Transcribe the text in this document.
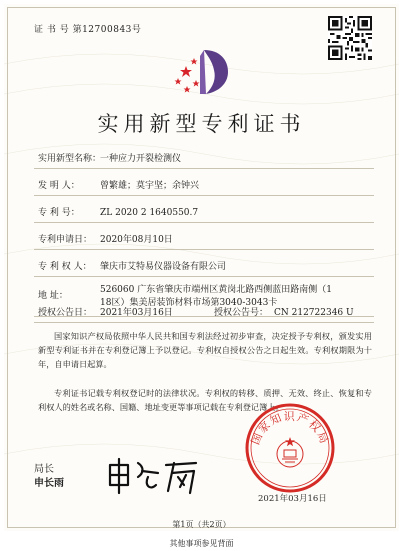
证 书 号 第12700843号
实用新型专利证书
实用新型名称：
一种应力开裂检测仪
发 明 人： 曾繁雄；莫宇坚；余钟兴
专 利 号： ZL 2020 2 1640550.7
专利申请日： 2020年08月10日
专 利 权 人： 肇庆市艾特易仪器设备有限公司
地 址：
526060 广东省肇庆市端州区黄岗北路西侧蓝田路南侧（1
18区）集美居装饰材料市场第3040-3043卡
授权公告日： 2021年03月16日	授权公告号： CN 212722346 U
国家知识产权局依照中华人民共和国专利法经过初步审查，决定授予专利权，颁发实用新型专利证书并在专利登记簿上予以登记。专利权自授权公告之日起生效。专利权期限为十年，自申请日起算。
专利证书记载专利权登记时的法律状况。专利权的转移、质押、无效、终止、恢复和专利权人的姓名或名称、国籍、地址变更等事项记载在专利登记簿上。
国家知识产权局
2021年03月16日
局长
申长雨
第1页（共2页）
其他事项参见背面
